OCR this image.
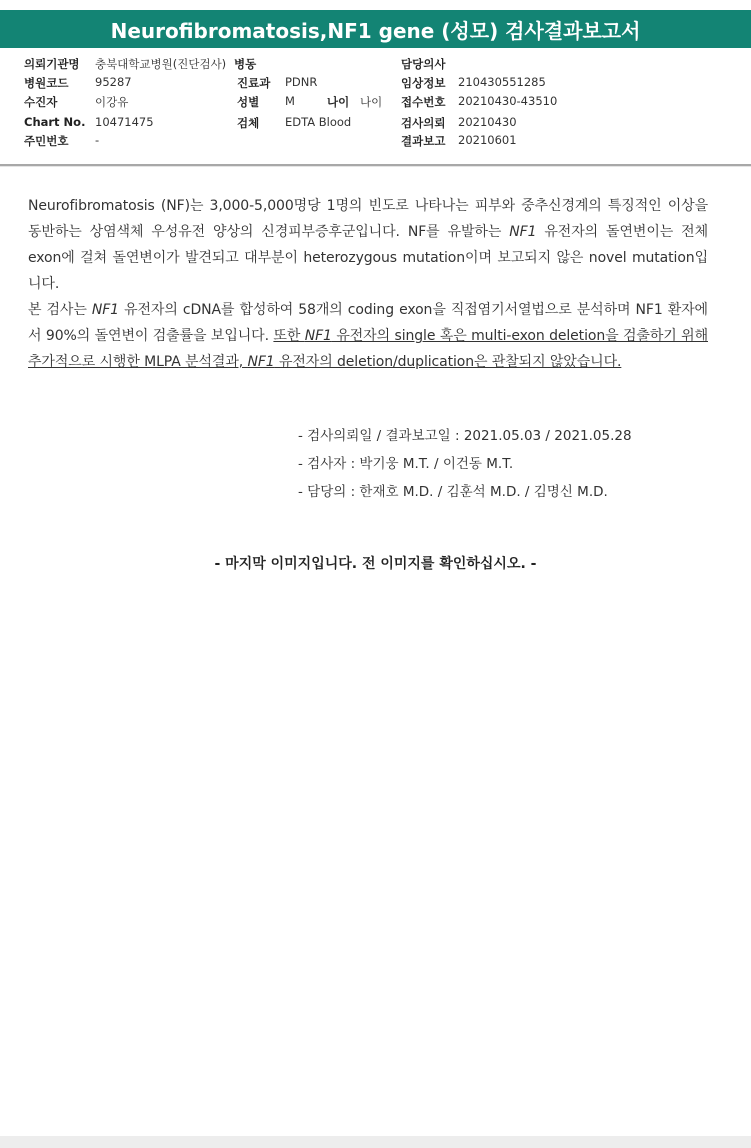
Neurofibromatosis,NF1 gene (성모) 검사결과보고서
의뢰기관명 충북대학교병원(진단검사) 병동	담당의사
병원코드 95287	진료과 PDNR	임상정보 210430551285
수진자	이강유	성별 M	나이 나이 접수번호 20210430-43510
Chart No. 10471475	검체 EDTA Blood	검사의뢰 20210430
주민번호 -	결과보고 20210601

Neurofibromatosis (NF)는 3,000-5,000명당 1명의 빈도로 나타나는 피부와 중추신경계의 특징적인 이상을 동반하는 상염색체 우성유전 양상의 신경피부증후군입니다. NF를 유발하는 NF1 유전자의 돌연변이는 전체 exon에 걸쳐 돌연변이가 발견되고 대부분이 heterozygous mutation이며 보고되지 않은 novel mutation입니다.

본 검사는 NF1 유전자의 cDNA를 합성하여 58개의 coding exon을 직접염기서열법으로 분석하며 NF1 환자에서 90%의 돌연변이 검출률을 보입니다. 또한 NF1 유전자의 single 혹은 multi-exon deletion을 검출하기 위해 추가적으로 시행한 MLPA 분석결과, NF1 유전자의 deletion/duplication은 관찰되지 않았습니다.

- 검사의뢰일 / 결과보고일 : 2021.05.03 / 2021.05.28
- 검사자 : 박기웅 M.T. / 이건동 M.T.
- 담당의 : 한재호 M.D. / 김훈석 M.D. / 김명신 M.D.
- 마지막 이미지입니다. 전 이미지를 확인하십시오. -
